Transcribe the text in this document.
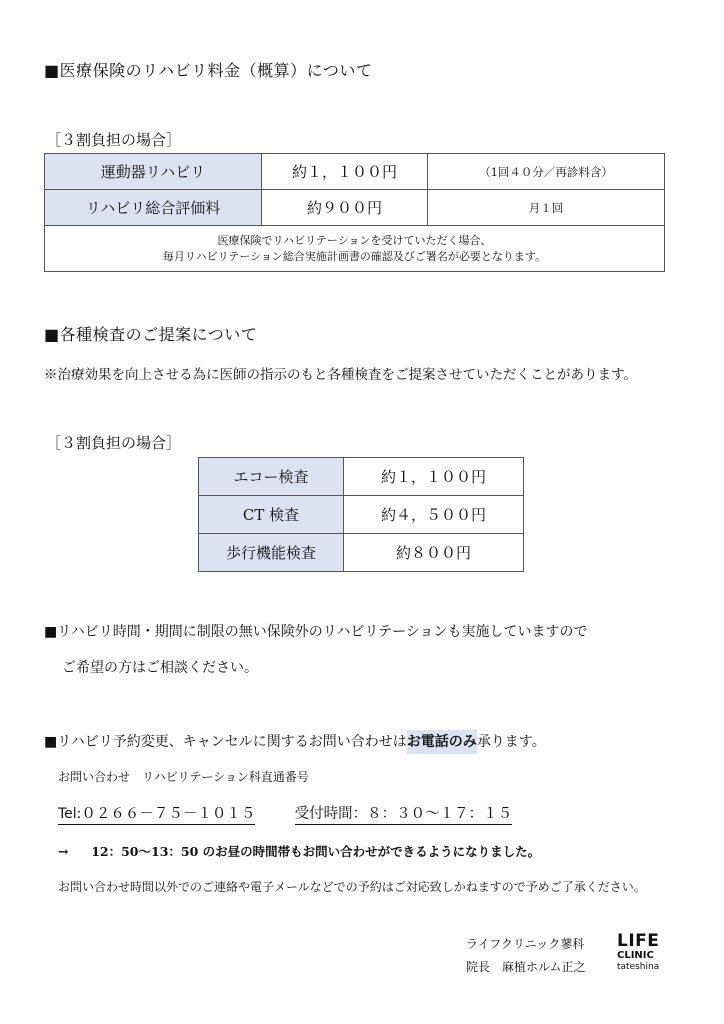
■医療保険のリハビリ料金（概算）について
［３割負担の場合］
運動器リハビリ	約１，１００円	（1回４０分／再診料含）
リハビリ総合評価料	約９００円	月１回
医療保険でリハビリテーションを受けていただく場合、
毎月リハビリテーション総合実施計画書の確認及びご署名が必要となります。		
■各種検査のご提案について
※治療効果を向上させる為に医師の指示のもと各種検査をご提案させていただくことがあります。
［３割負担の場合］
エコー検査	約１，１００円
CT 検査	約４，５００円
歩行機能検査	約８００円
■リハビリ時間・期間に制限の無い保険外のリハビリテーションも実施していますので
ご希望の方はご相談ください。
■リハビリ予約変更、キャンセルに関するお問い合わせはお電話のみ承ります。
お問い合わせ　リハビリテーション科直通番号
Tel:０２６６－７５－１０１５	受付時間：８：３０～１７：１５
→ 12：50～13：50 のお昼の時間帯もお問い合わせができるようになりました。
お問い合わせ時間以外でのご連絡や電子メールなどでの予約はご対応致しかねますので予めご了承ください。
ライフクリニック蓼科
院長　麻植ホルム正之
LIFE
CLINIC
tateshina
